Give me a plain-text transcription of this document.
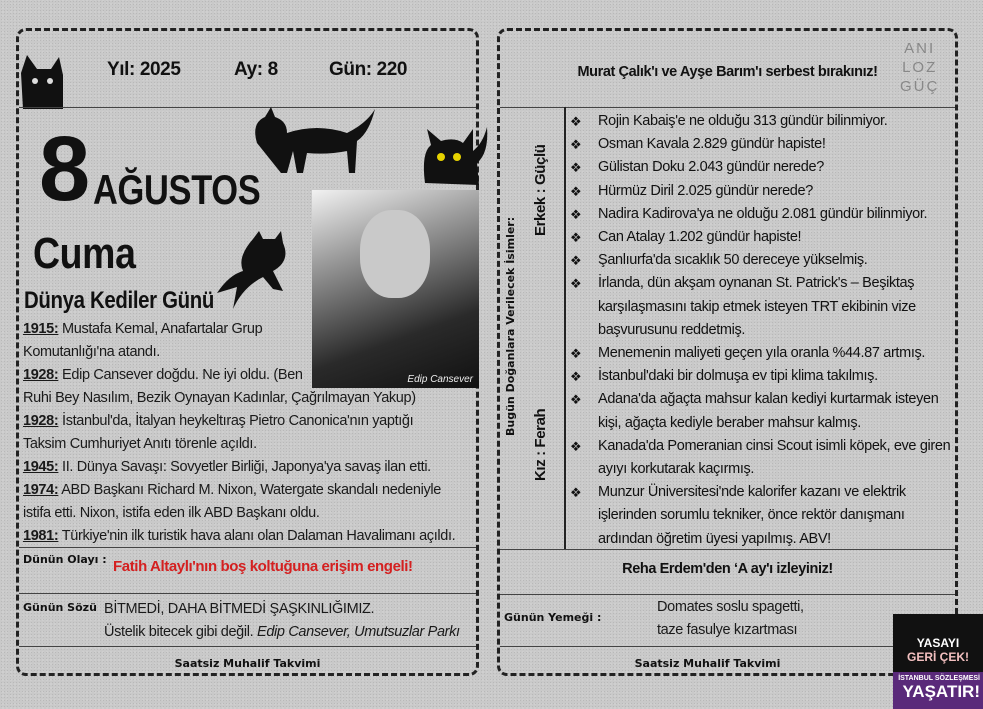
Yıl: 2025	Ay: 8	Gün: 220
8 AĞUSTOS
Cuma
Dünya Kediler Günü
Edip Cansever
1915: Mustafa Kemal, Anafartalar Grup
Komutanlığı'na atandı.
1928: Edip Cansever doğdu. Ne iyi oldu. (Ben
Ruhi Bey Nasılım, Bezik Oynayan Kadınlar, Çağrılmayan Yakup)
1928: İstanbul'da, İtalyan heykeltıraş Pietro Canonica'nın yaptığı
Taksim Cumhuriyet Anıtı törenle açıldı.
1945: II. Dünya Savaşı: Sovyetler Birliği, Japonya'ya savaş ilan etti.
1974: ABD Başkanı Richard M. Nixon, Watergate skandalı nedeniyle
istifa etti. Nixon, istifa eden ilk ABD Başkanı oldu.
1981: Türkiye'nin ilk turistik hava alanı olan Dalaman Havalimanı açıldı.
Dünün Olayı : Fatih Altaylı'nın boş koltuğuna erişim engeli!
Günün Sözü BİTMEDİ, DAHA BİTMEDİ ŞAŞKINLIĞIMIZ.
Üstelik bitecek gibi değil. Edip Cansever, Umutsuzlar Parkı
Saatsiz Muhalif Takvimi
Murat Çalık'ı ve Ayşe Barım'ı serbest bırakınız!
ANI
LOZ
GÜÇ
Bugün Doğanlara Verilecek İsimler:
Erkek : Güçlü
Kız : Ferah
❖ Rojin Kabaiş'e ne olduğu 313 gündür bilinmiyor.
❖ Osman Kavala 2.829 gündür hapiste!
❖ Gülistan Doku 2.043 gündür nerede?
❖ Hürmüz Diril 2.025 gündür nerede?
❖ Nadira Kadirova'ya ne olduğu 2.081 gündür bilinmiyor.
❖ Can Atalay 1.202 gündür hapiste!
❖ Şanlıurfa'da sıcaklık 50 dereceye yükselmiş.
❖ İrlanda, dün akşam oynanan St. Patrick's – Beşiktaş karşılaşmasını takip etmek isteyen TRT ekibinin vize başvurusunu reddetmiş.
❖ Menemenin maliyeti geçen yıla oranla %44.87 artmış.
❖ İstanbul'daki bir dolmuşa ev tipi klima takılmış.
❖ Adana'da ağaçta mahsur kalan kediyi kurtarmak isteyen kişi, ağaçta kediyle beraber mahsur kalmış.
❖ Kanada'da Pomeranian cinsi Scout isimli köpek, eve giren ayıyı korkutarak kaçırmış.
❖ Munzur Üniversitesi'nde kalorifer kazanı ve elektrik işlerinden sorumlu tekniker, önce rektör danışmanı ardından öğretim üyesi yapılmış. ABV!
Reha Erdem'den ‘A ay'ı izleyiniz!
Günün Yemeği :
Domates soslu spagetti,
taze fasulye kızartması
Saatsiz Muhalif Takvimi
YASAYI
GERİ ÇEK!
İSTANBUL SÖZLEŞMESİ
YAŞATIR!
